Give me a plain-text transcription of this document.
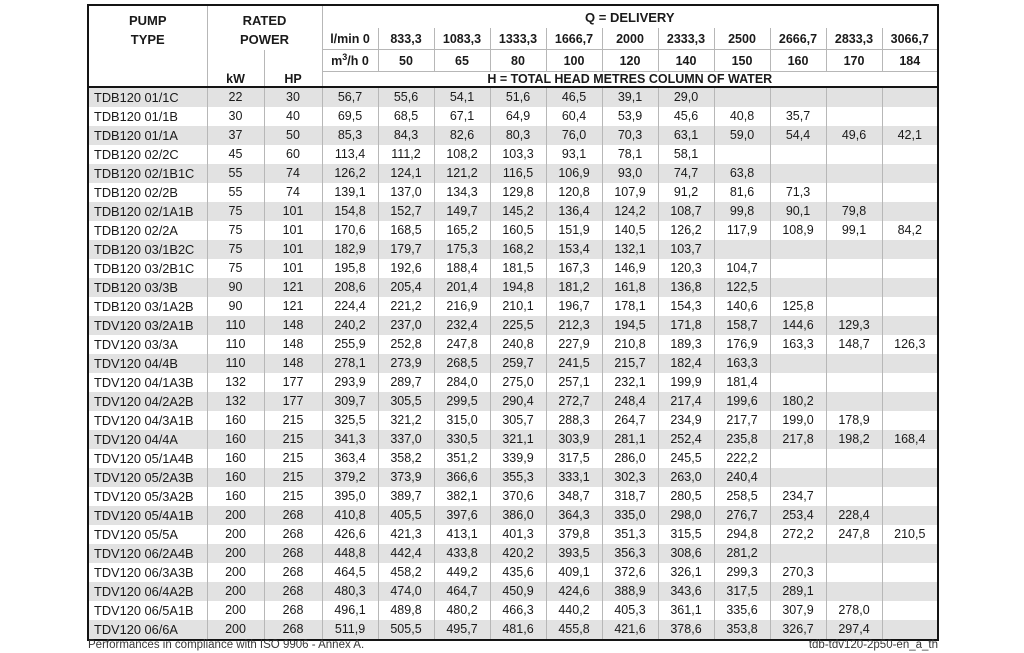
PUMP
TYPE

RATED
POWER
	Q = DELIVERY
			l/min 0	833,3	1083,3	1333,3	1666,7	2000	2333,3	2500	2666,7	2833,3	3066,7
			$m^3/h$ 0	50	65	80	100	120	140	150	160	170	184
	kW	HP	H = TOTAL HEAD METRES COLUMN OF WATER										
TDB120 01/1C	22	30	56,7	55,6	54,1	51,6	46,5	39,1	29,0				
TDB120 01/1B	30	40	69,5	68,5	67,1	64,9	60,4	53,9	45,6	40,8	35,7		
TDB120 01/1A	37	50	85,3	84,3	82,6	80,3	76,0	70,3	63,1	59,0	54,4	49,6	42,1
TDB120 02/2C	45	60	113,4	111,2	108,2	103,3	93,1	78,1	58,1				
TDB120 02/1B1C	55	74	126,2	124,1	121,2	116,5	106,9	93,0	74,7	63,8			
TDB120 02/2B	55	74	139,1	137,0	134,3	129,8	120,8	107,9	91,2	81,6	71,3		
TDB120 02/1A1B	75	101	154,8	152,7	149,7	145,2	136,4	124,2	108,7	99,8	90,1	79,8	
TDB120 02/2A	75	101	170,6	168,5	165,2	160,5	151,9	140,5	126,2	117,9	108,9	99,1	84,2
TDB120 03/1B2C	75	101	182,9	179,7	175,3	168,2	153,4	132,1	103,7				
TDB120 03/2B1C	75	101	195,8	192,6	188,4	181,5	167,3	146,9	120,3	104,7			
TDB120 03/3B	90	121	208,6	205,4	201,4	194,8	181,2	161,8	136,8	122,5			
TDB120 03/1A2B	90	121	224,4	221,2	216,9	210,1	196,7	178,1	154,3	140,6	125,8		
TDV120 03/2A1B	110	148	240,2	237,0	232,4	225,5	212,3	194,5	171,8	158,7	144,6	129,3	
TDV120 03/3A	110	148	255,9	252,8	247,8	240,8	227,9	210,8	189,3	176,9	163,3	148,7	126,3
TDV120 04/4B	110	148	278,1	273,9	268,5	259,7	241,5	215,7	182,4	163,3			
TDV120 04/1A3B	132	177	293,9	289,7	284,0	275,0	257,1	232,1	199,9	181,4			
TDV120 04/2A2B	132	177	309,7	305,5	299,5	290,4	272,7	248,4	217,4	199,6	180,2		
TDV120 04/3A1B	160	215	325,5	321,2	315,0	305,7	288,3	264,7	234,9	217,7	199,0	178,9	
TDV120 04/4A	160	215	341,3	337,0	330,5	321,1	303,9	281,1	252,4	235,8	217,8	198,2	168,4
TDV120 05/1A4B	160	215	363,4	358,2	351,2	339,9	317,5	286,0	245,5	222,2			
TDV120 05/2A3B	160	215	379,2	373,9	366,6	355,3	333,1	302,3	263,0	240,4			
TDV120 05/3A2B	160	215	395,0	389,7	382,1	370,6	348,7	318,7	280,5	258,5	234,7		
TDV120 05/4A1B	200	268	410,8	405,5	397,6	386,0	364,3	335,0	298,0	276,7	253,4	228,4	
TDV120 05/5A	200	268	426,6	421,3	413,1	401,3	379,8	351,3	315,5	294,8	272,2	247,8	210,5
TDV120 06/2A4B	200	268	448,8	442,4	433,8	420,2	393,5	356,3	308,6	281,2			
TDV120 06/3A3B	200	268	464,5	458,2	449,2	435,6	409,1	372,6	326,1	299,3	270,3		
TDV120 06/4A2B	200	268	480,3	474,0	464,7	450,9	424,6	388,9	343,6	317,5	289,1		
TDV120 06/5A1B	200	268	496,1	489,8	480,2	466,3	440,2	405,3	361,1	335,6	307,9	278,0	
TDV120 06/6A	200	268	511,9	505,5	495,7	481,6	455,8	421,6	378,6	353,8	326,7	297,4	
Performances in compliance with ISO 9906 - Annex A.	tdb-tdv120-2p50-en_a_th
